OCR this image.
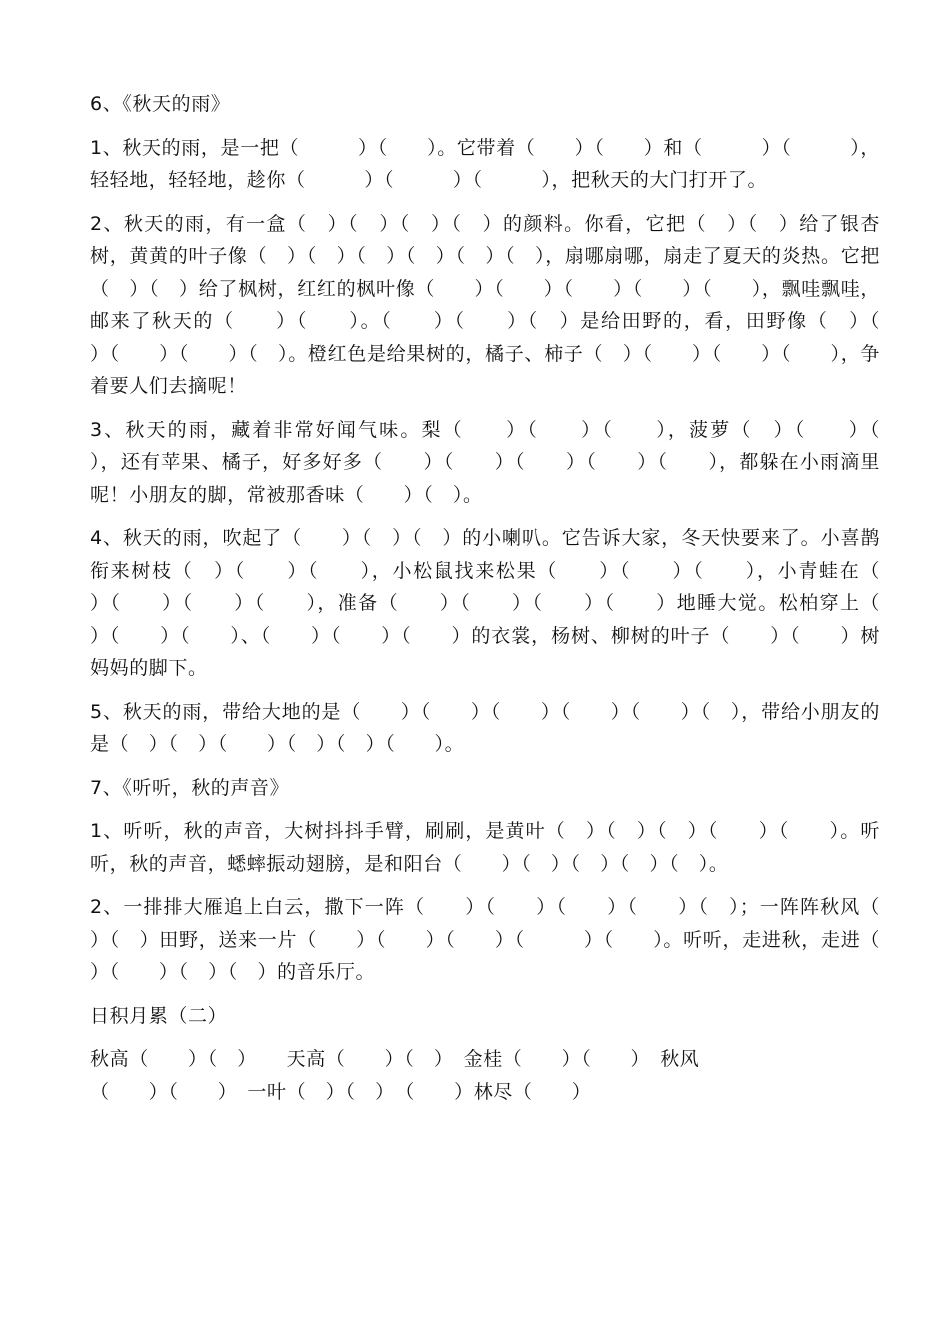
6、《秋天的雨》
1、秋天的雨，是一把（　　　）（　　）。它带着（　　）（　　）和（　　　）（　　　），轻轻地，轻轻地，趁你（　　　）（　　　）（　　　），把秋天的大门打开了。
2、秋天的雨，有一盒（　）（　）（　）（　）的颜料。你看，它把（　）（　）给了银杏树，黄黄的叶子像（　）（　）（　）（　）（　）（　），扇哪扇哪，扇走了夏天的炎热。它把（　）（　）给了枫树，红红的枫叶像（　　）（　　）（　　）（　　）（　　），飘哇飘哇，邮来了秋天的（　　）（　　）。（　　）（　　）（　）是给田野的，看，田野像（　）（　　）（　　）（　　）（　）。橙红色是给果树的，橘子、柿子（　）（　　）（　　）（　　），争着要人们去摘呢！
3、秋天的雨，藏着非常好闻气味。梨（　　）（　　）（　　），菠萝（　）（　　）（　　），还有苹果、橘子，好多好多（　　）（　　）（　　）（　　）（　　），都躲在小雨滴里呢！小朋友的脚，常被那香味（　　）（　）。
4、秋天的雨，吹起了（　　）（　）（　）的小喇叭。它告诉大家，冬天快要来了。小喜鹊衔来树枝（　）（　　）（　　），小松鼠找来松果（　　）（　　）（　　），小青蛙在（　　）（　　）（　　）（　　），准备（　　）（　　）（　　）（　　）地睡大觉。松柏穿上（　　）（　　）（　　）、（　　）（　　）（　　）的衣裳，杨树、柳树的叶子（　　）（　　）树妈妈的脚下。
5、秋天的雨，带给大地的是（　　）（　　）（　　）（　　）（　　）（　），带给小朋友的是（　）（　）（　　）（　）（　）（　　）。
7、《听听，秋的声音》
1、听听，秋的声音，大树抖抖手臂，刷刷，是黄叶（　）（　）（　）（　　）（　　）。听听，秋的声音，蟋蟀振动翅膀，是和阳台（　　）（　）（　）（　）（　）。
2、一排排大雁追上白云，撒下一阵（　　）（　　）（　　）（　　）（　）；一阵阵秋风（　　）（　）田野，送来一片（　　）（　　）（　　）（　　　）（　　）。听听，走进秋，走进（　　）（　　）（　）（　）的音乐厅。
日积月累（二）
秋高（　　）（　）　　天高（　　）（　）　金桂（　　）（　　）　秋风
（　　）（　　）　一叶（　）（　）　（　　）林尽（　　）
